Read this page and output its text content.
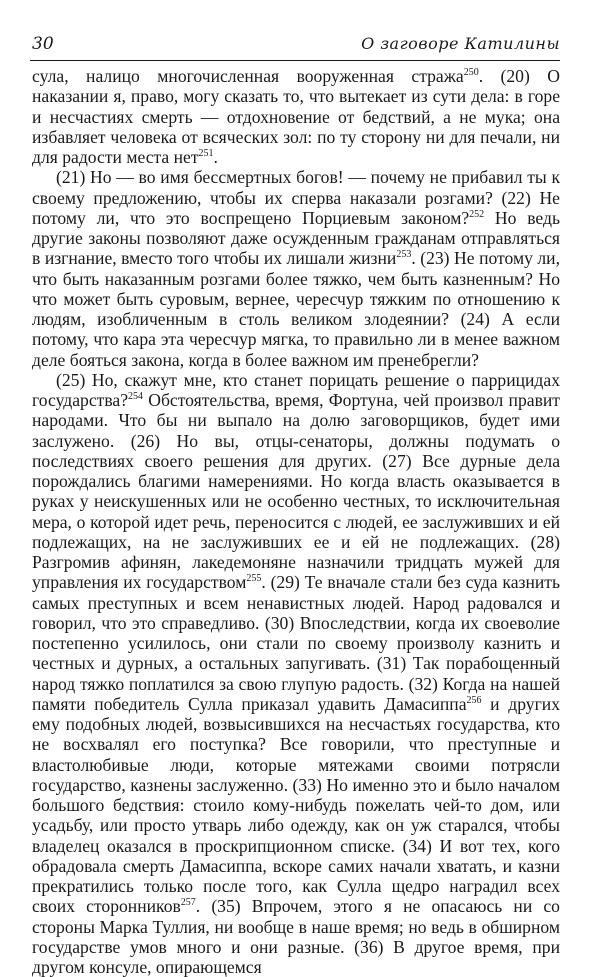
30	О заговоре Катилины

сула, налицо многочисленная вооруженная стража$^{250}$. (20) О наказании я, право, могу сказать то, что вытекает из сути дела: в горе и несчастиях смерть — отдохновение от бедствий, а не мука; она избавляет человека от всяческих зол: по ту сторону ни для печали, ни для радости места нет$^{251}$.

(21) Но — во имя бессмертных богов! — почему не прибавил ты к своему предложению, чтобы их сперва наказали розгами? (22) Не потому ли, что это воспрещено Порциевым законом?$^{252}$ Но ведь другие законы позволяют даже осужденным гражданам отправляться в изгнание, вместо того чтобы их лишали жизни$^{253}$. (23) Не потому ли, что быть наказанным розгами более тяжко, чем быть казненным? Но что может быть суровым, вернее, чересчур тяжким по отношению к людям, изобличенным в столь великом злодеянии? (24) А если потому, что кара эта чересчур мягка, то правильно ли в менее важном деле бояться закона, когда в более важном им пренебрегли?

(25) Но, скажут мне, кто станет порицать решение о паррицидах государства?$^{254}$ Обстоятельства, время, Фортуна, чей произвол правит народами. Что бы ни выпало на долю заговорщиков, будет ими заслужено. (26) Но вы, отцы-сенаторы, должны подумать о последствиях своего решения для других. (27) Все дурные дела порождались благими намерениями. Но когда власть оказывается в руках у неискушенных или не особенно честных, то исключительная мера, о которой идет речь, переносится с людей, ее заслуживших и ей подлежащих, на не заслуживших ее и ей не подлежащих. (28) Разгромив афинян, лакедемоняне назначили тридцать мужей для управления их государством$^{255}$. (29) Те вначале стали без суда казнить самых преступных и всем ненавистных людей. Народ радовался и говорил, что это справедливо. (30) Впоследствии, когда их своеволие постепенно усилилось, они стали по своему произволу казнить и честных и дурных, а остальных запугивать. (31) Так порабощенный народ тяжко поплатился за свою глупую радость. (32) Когда на нашей памяти победитель Сулла приказал удавить Дамасиппа$^{256}$ и других ему подобных людей, возвысившихся на несчастьях государства, кто не восхвалял его поступка? Все говорили, что преступные и властолюбивые люди, которые мятежами своими потрясли государство, казнены заслуженно. (33) Но именно это и было началом большого бедствия: стоило кому-нибудь пожелать чей-то дом, или усадьбу, или просто утварь либо одежду, как он уж старался, чтобы владелец оказался в проскрипционном списке. (34) И вот тех, кого обрадовала смерть Дамасиппа, вскоре самих начали хватать, и казни прекратились только после того, как Сулла щедро наградил всех своих сторонников$^{257}$. (35) Впрочем, этого я не опасаюсь ни со стороны Марка Туллия, ни вообще в наше время; но ведь в обширном государстве умов много и они разные. (36) В другое время, при другом консуле, опирающемся
